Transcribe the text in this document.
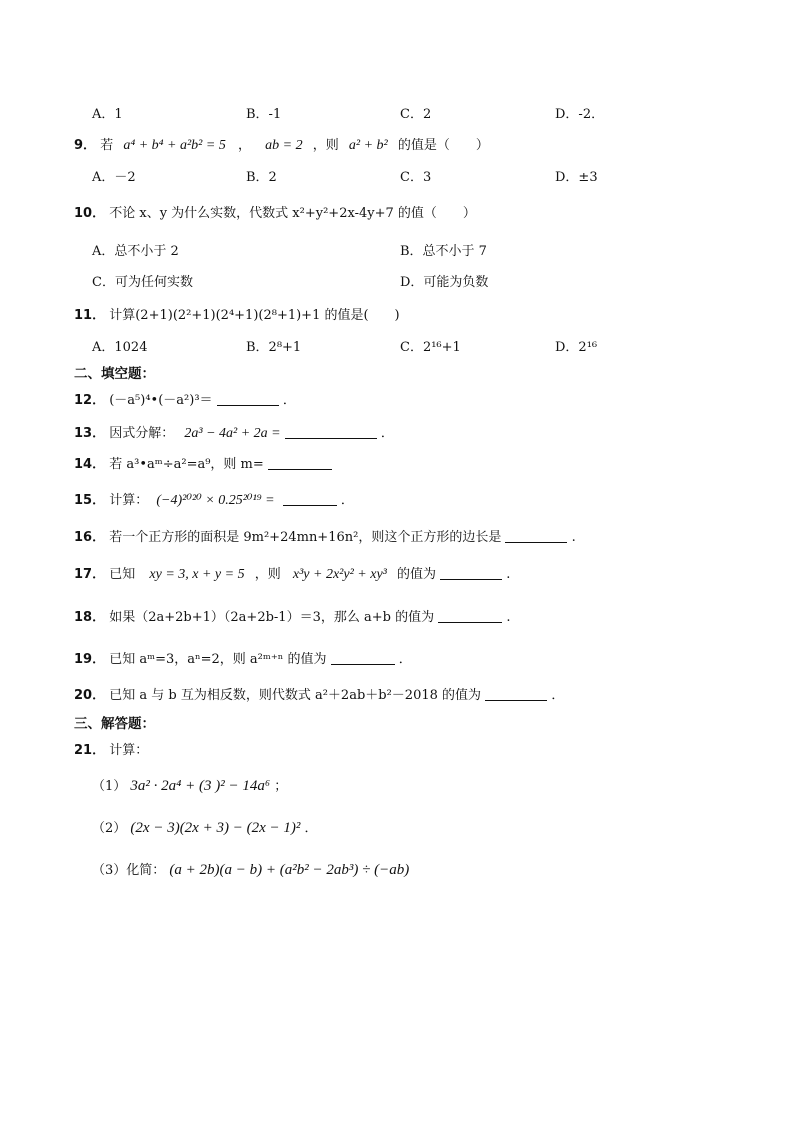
A．1	B．-1	C．2	D．-2．
9． 若 a⁴ + b⁴ + a²b² = 5 ， ab = 2 ，则 a² + b² 的值是（　　）
A．－2	B．2	C．3	D．±3
10． 不论 x、y 为什么实数，代数式 x²+y²+2x-4y+7 的值（　　）
A．总不小于 2	B．总不小于 7
C．可为任何实数	D．可能为负数
11． 计算(2+1)(2²+1)(2⁴+1)(2⁸+1)+1 的值是(　　)
A．1024	B．2⁸+1	C．2¹⁶+1	D．2¹⁶
二、填空题：
12． (－a⁵)⁴•(－a²)³＝	．
13． 因式分解： 2a³ − 4a² + 2a =	．
14． 若 a³•aᵐ÷a²=a⁹，则 m=
15． 计算： (−4)²⁰²⁰ × 0.25²⁰¹⁹ =	．
16． 若一个正方形的面积是 9m²+24mn+16n²，则这个正方形的边长是	.
17． 已知 xy = 3, x + y = 5 ，则 x³y + 2x²y² + xy³ 的值为	.
18． 如果（2a+2b+1）（2a+2b-1）＝3，那么 a+b 的值为	.
19． 已知 aᵐ=3，aⁿ=2，则 a²ᵐ⁺ⁿ 的值为	．
20． 已知 a 与 b 互为相反数，则代数式 a²＋2ab＋b²－2018 的值为	．
三、解答题：
21． 计算：
（1） 3a² · 2a⁴ + (3 )² − 14a⁶ ；
（2） (2x − 3)(2x + 3) − (2x − 1)² ．
（3）化简： (a + 2b)(a − b) + (a²b² − 2ab³) ÷ (−ab)
